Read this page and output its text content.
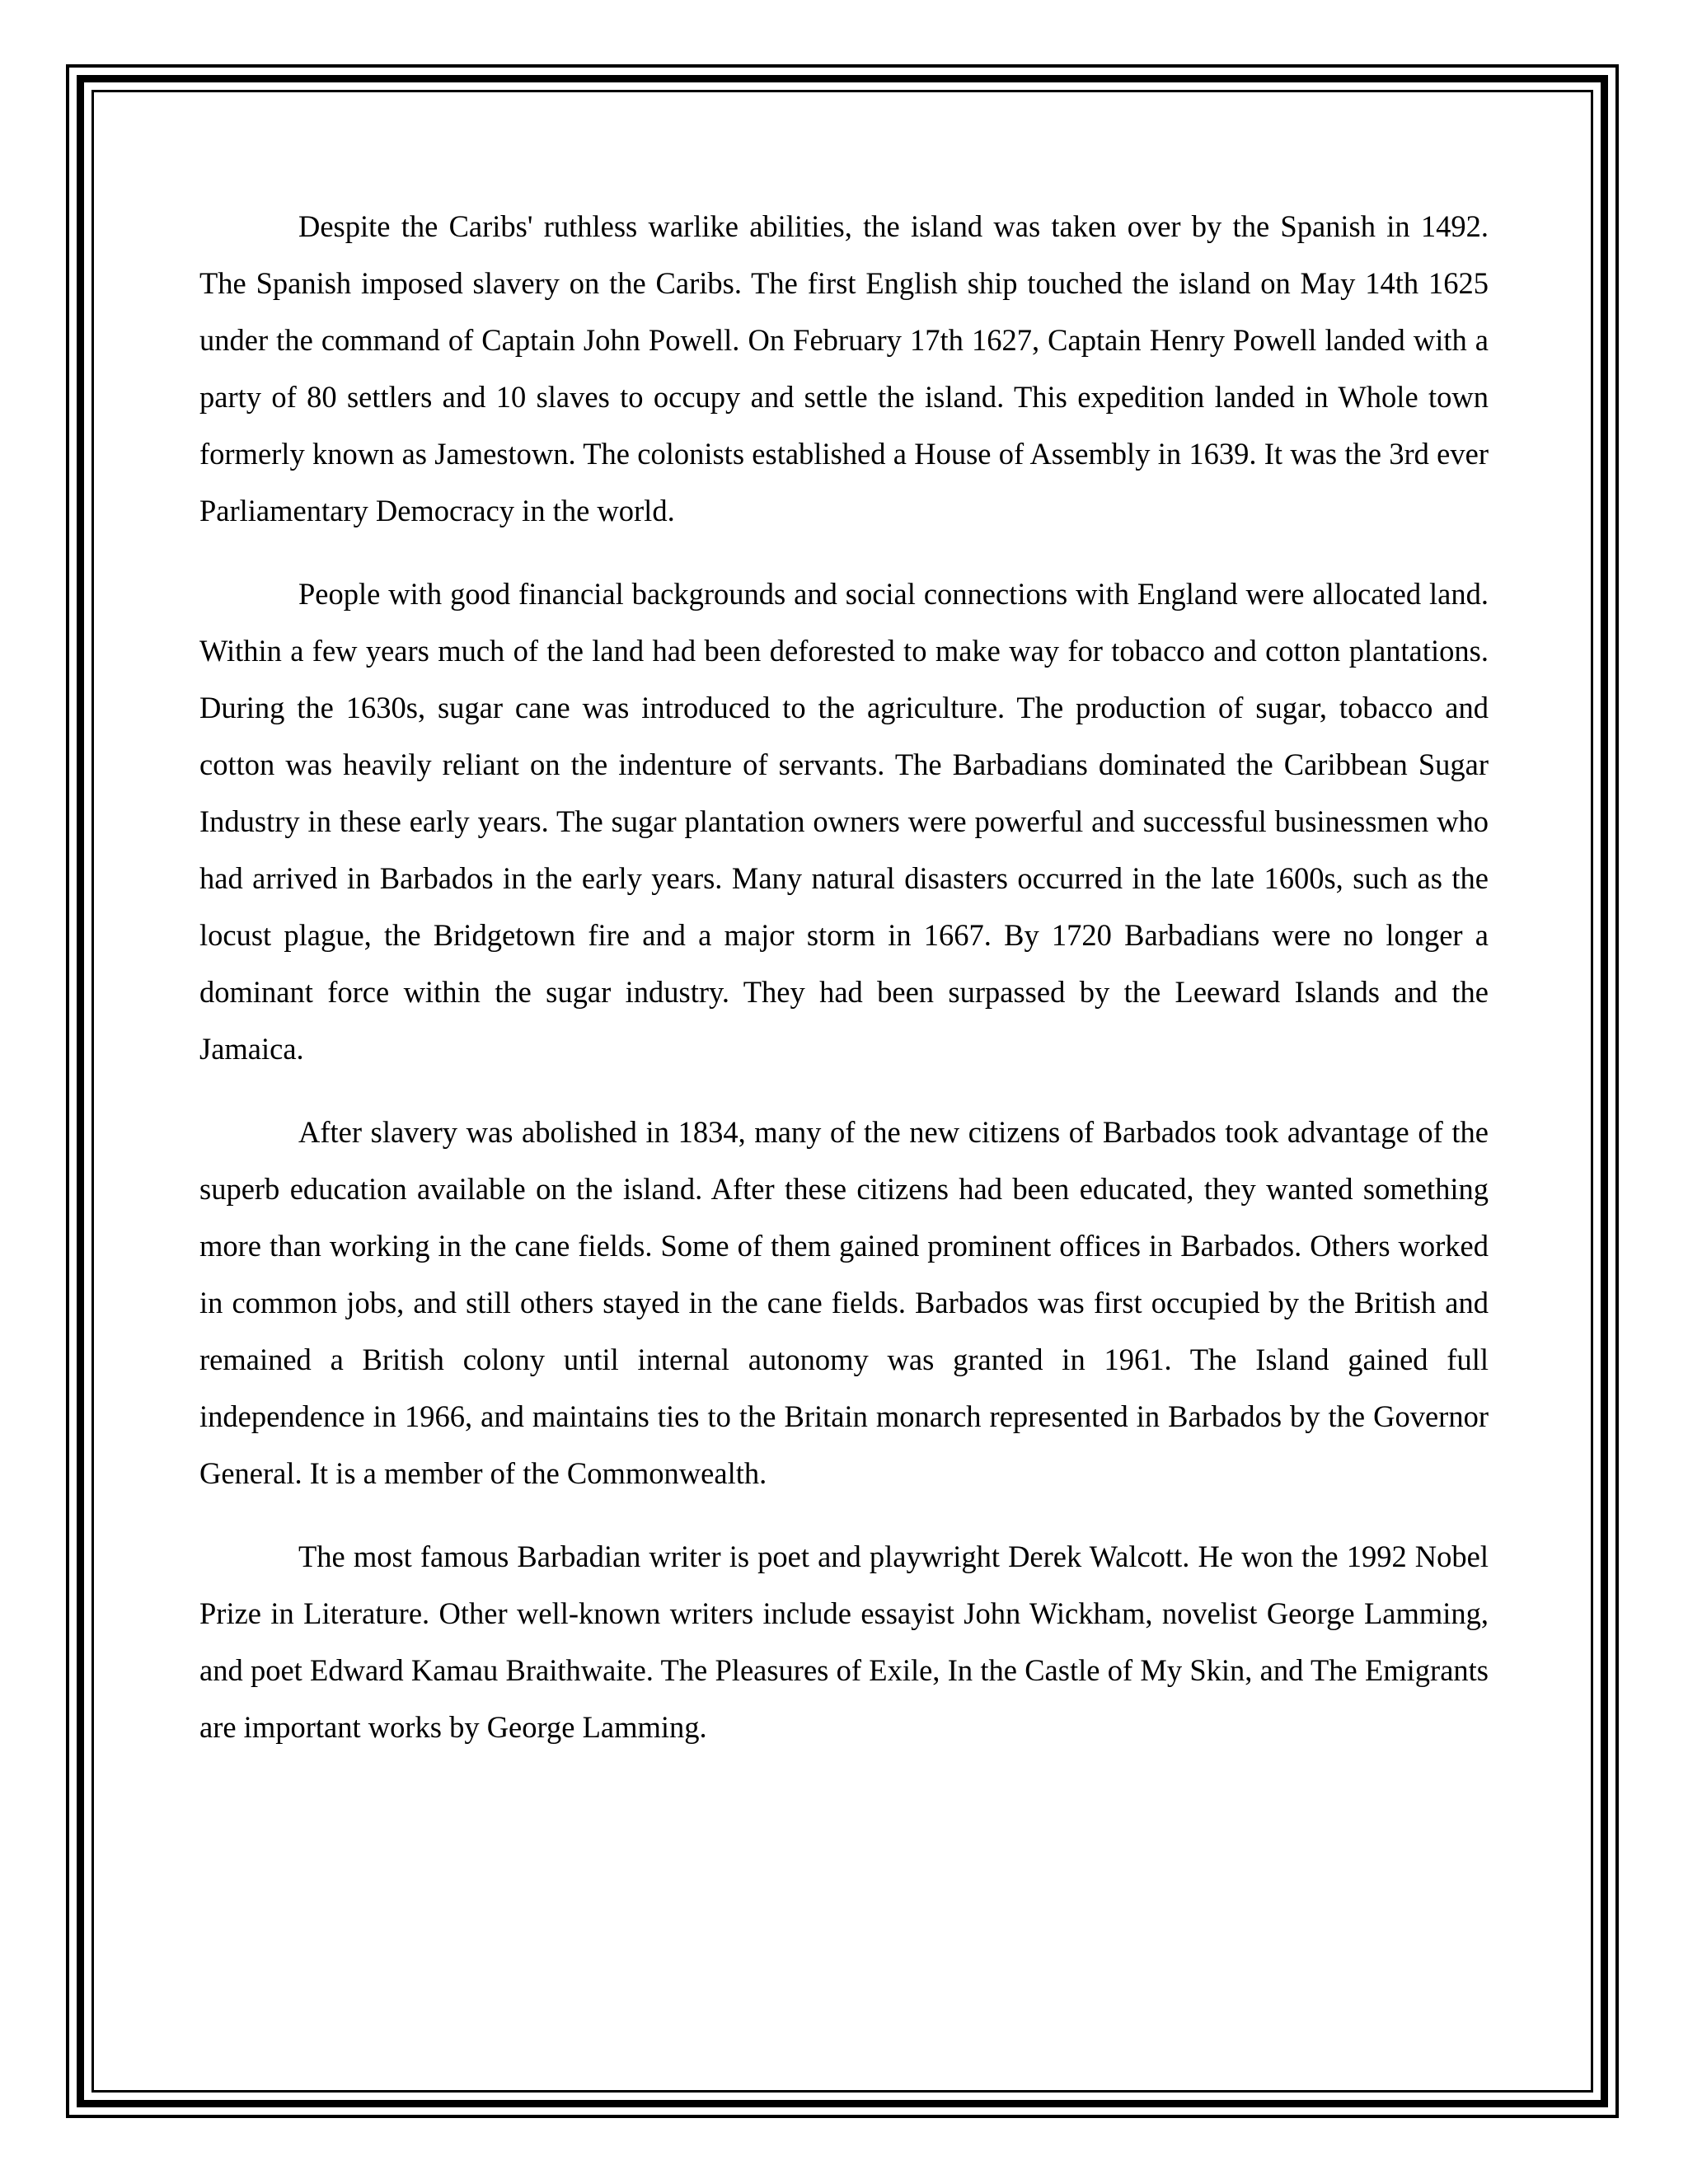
Despite the Caribs' ruthless warlike abilities, the island was taken over by the Spanish in 1492. The Spanish imposed slavery on the Caribs. The first English ship touched the island on May 14th 1625 under the command of Captain John Powell. On February 17th 1627, Captain Henry Powell landed with a party of 80 settlers and 10 slaves to occupy and settle the island. This expedition landed in Whole town formerly known as Jamestown. The colonists established a House of Assembly in 1639. It was the 3rd ever Parliamentary Democracy in the world.

People with good financial backgrounds and social connections with England were allocated land. Within a few years much of the land had been deforested to make way for tobacco and cotton plantations. During the 1630s, sugar cane was introduced to the agriculture. The production of sugar, tobacco and cotton was heavily reliant on the indenture of servants. The Barbadians dominated the Caribbean Sugar Industry in these early years. The sugar plantation owners were powerful and successful businessmen who had arrived in Barbados in the early years. Many natural disasters occurred in the late 1600s, such as the locust plague, the Bridgetown fire and a major storm in 1667. By 1720 Barbadians were no longer a dominant force within the sugar industry. They had been surpassed by the Leeward Islands and the Jamaica.

After slavery was abolished in 1834, many of the new citizens of Barbados took advantage of the superb education available on the island. After these citizens had been educated, they wanted something more than working in the cane fields. Some of them gained prominent offices in Barbados. Others worked in common jobs, and still others stayed in the cane fields. Barbados was first occupied by the British and remained a British colony until internal autonomy was granted in 1961. The Island gained full independence in 1966, and maintains ties to the Britain monarch represented in Barbados by the Governor General. It is a member of the Commonwealth.

The most famous Barbadian writer is poet and playwright Derek Walcott. He won the 1992 Nobel Prize in Literature. Other well-known writers include essayist John Wickham, novelist George Lamming, and poet Edward Kamau Braithwaite. The Pleasures of Exile, In the Castle of My Skin, and The Emigrants are important works by George Lamming.
